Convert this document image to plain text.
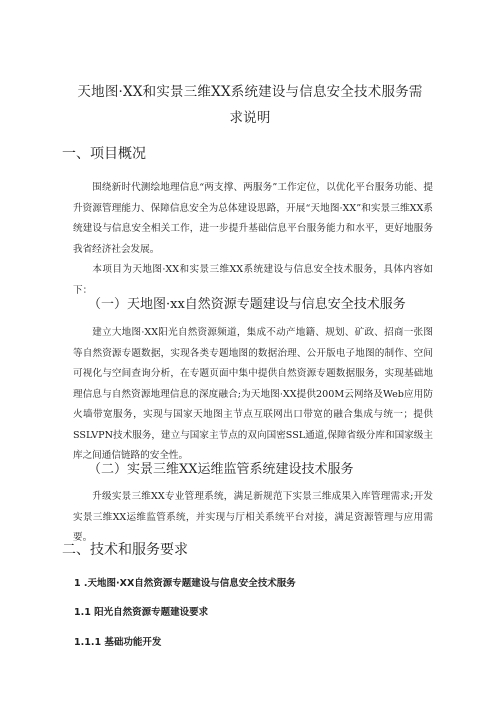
天地图·XX和实景三维XX系统建设与信息安全技术服务需
求说明
一、项目概况

围绕新时代测绘地理信息“两支撑、两服务”工作定位，以优化平台服务功能、提升资源管理能力、保障信息安全为总体建设思路，开展“天地图·XX”和实景三维XX系统建设与信息安全相关工作，进一步提升基础信息平台服务能力和水平，更好地服务我省经济社会发展。

本项目为天地图·XX和实景三维XX系统建设与信息安全技术服务，具体内容如下：

（一）天地图·xx自然资源专题建设与信息安全技术服务

建立大地图·XX阳光自然资源频道，集成不动产地籍、规划、矿政、招商一张图等自然资源专题数据，实现各类专题地图的数据治理、公开版电子地图的制作、空间可视化与空间查询分析，在专题页面中集中提供自然资源专题数据服务，实现基础地理信息与自然资源地理信息的深度融合;为天地图·XX提供200M云网络及Web应用防火墙带宽服务，实现与国家天地图主节点互联网出口带宽的融合集成与统一；提供SSLVPN技术服务，建立与国家主节点的双向国密SSL通道,保障省级分库和国家级主库之间通信链路的安全性。

（二）实景三维XX运维监管系统建设技术服务

升级实景三维XX专业管理系统，满足新规范下实景三维成果入库管理需求;开发实景三维XX运维监管系统，并实现与厅相关系统平台对接，满足资源管理与应用需要。

二、技术和服务要求
1 .天地图·XX自然资源专题建设与信息安全技术服务
1.1 阳光自然资源专题建设要求
1.1.1 基础功能开发
